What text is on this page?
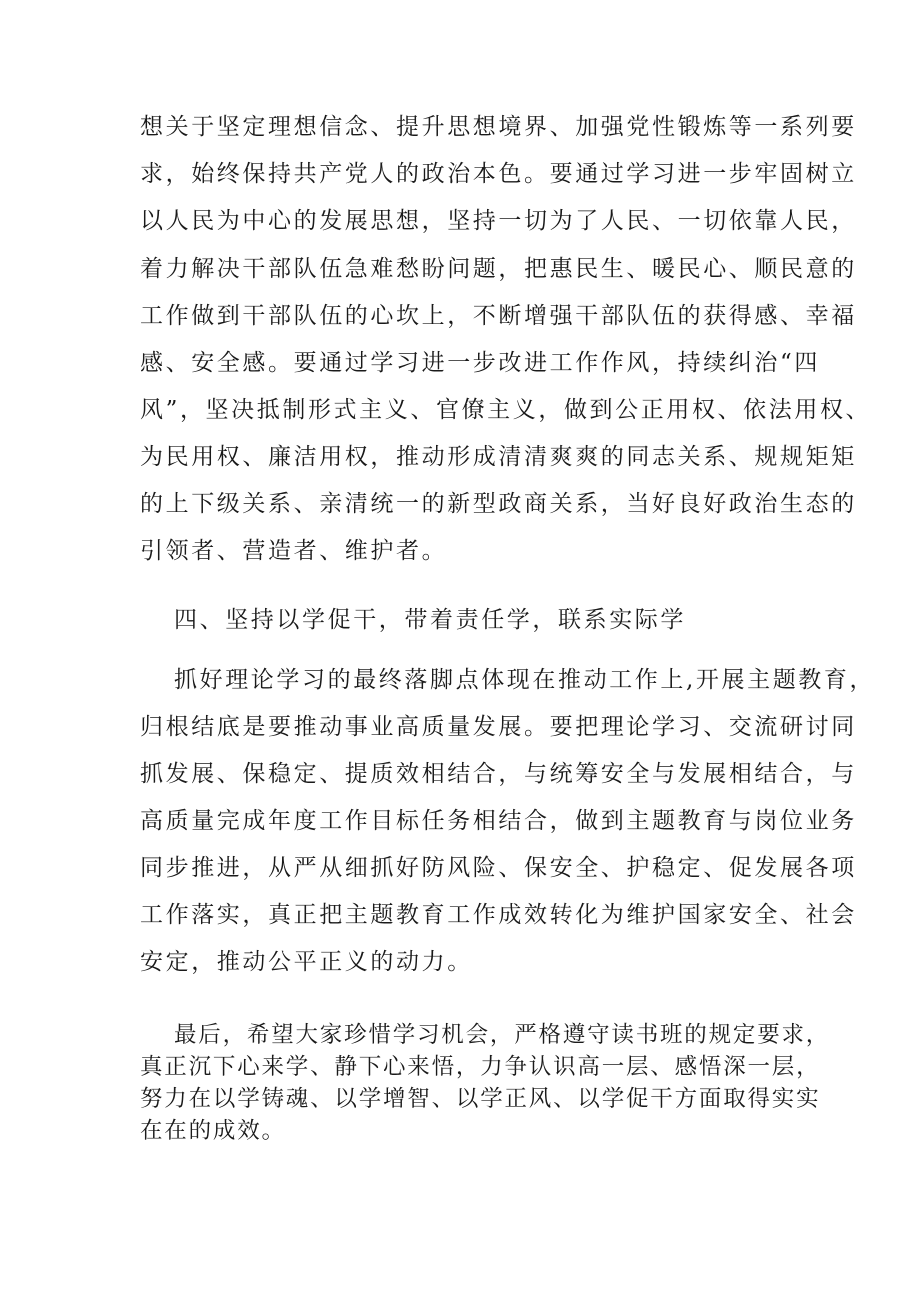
想关于坚定理想信念、提升思想境界、加强党性锻炼等一系列要
求，始终保持共产党人的政治本色。要通过学习进一步牢固树立
以人民为中心的发展思想，坚持一切为了人民、一切依靠人民，
着力解决干部队伍急难愁盼问题，把惠民生、暖民心、顺民意的
工作做到干部队伍的心坎上，不断增强干部队伍的获得感、幸福
感、安全感。要通过学习进一步改进工作作风，持续纠治“四
风”，坚决抵制形式主义、官僚主义，做到公正用权、依法用权、
为民用权、廉洁用权，推动形成清清爽爽的同志关系、规规矩矩
的上下级关系、亲清统一的新型政商关系，当好良好政治生态的
引领者、营造者、维护者。
四、坚持以学促干，带着责任学，联系实际学
抓好理论学习的最终落脚点体现在推动工作上,开展主题教育，
归根结底是要推动事业高质量发展。要把理论学习、交流研讨同
抓发展、保稳定、提质效相结合，与统筹安全与发展相结合，与
高质量完成年度工作目标任务相结合，做到主题教育与岗位业务
同步推进，从严从细抓好防风险、保安全、护稳定、促发展各项
工作落实，真正把主题教育工作成效转化为维护国家安全、社会
安定，推动公平正义的动力。
最后，希望大家珍惜学习机会，严格遵守读书班的规定要求，
真正沉下心来学、静下心来悟，力争认识高一层、感悟深一层，
努力在以学铸魂、以学增智、以学正风、以学促干方面取得实实
在在的成效。
